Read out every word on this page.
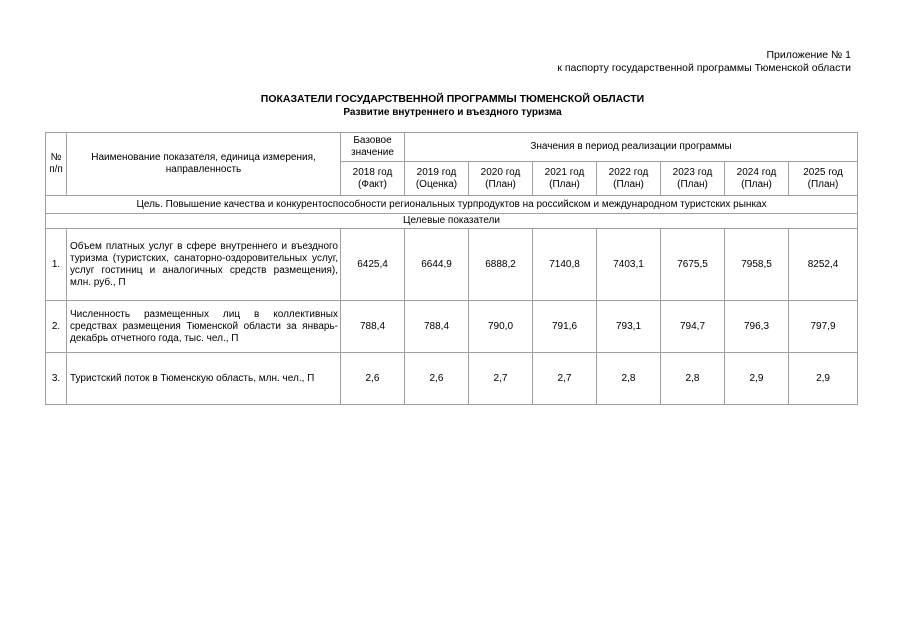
Приложение № 1
к паспорту государственной программы Тюменской области
ПОКАЗАТЕЛИ ГОСУДАРСТВЕННОЙ ПРОГРАММЫ ТЮМЕНСКОЙ ОБЛАСТИ
Развитие внутреннего и въездного туризма
№ п/п	Наименование показателя, единица измерения, направленность	Базовое значение	Значения в период реализации программы						
		2018 год (Факт)	2019 год (Оценка)	2020 год (План)	2021 год (План)	2022 год (План)	2023 год (План)	2024 год (План)	2025 год (План)
Цель. Повышение качества и конкурентоспособности региональных турпродуктов на российском и международном туристских рынках									
Целевые показатели									
1.	Объем платных услуг в сфере внутреннего и въездного туризма (туристских, санаторно-оздоровительных услуг, услуг гостиниц и аналогичных средств размещения), млн. руб., П	6425,4	6644,9	6888,2	7140,8	7403,1	7675,5	7958,5	8252,4
2.	Численность размещенных лиц в коллективных средствах размещения Тюменской области за январь-декабрь отчетного года, тыс. чел., П	788,4	788,4	790,0	791,6	793,1	794,7	796,3	797,9
3.	Туристский поток в Тюменскую область, млн. чел., П	2,6	2,6	2,7	2,7	2,8	2,8	2,9	2,9
